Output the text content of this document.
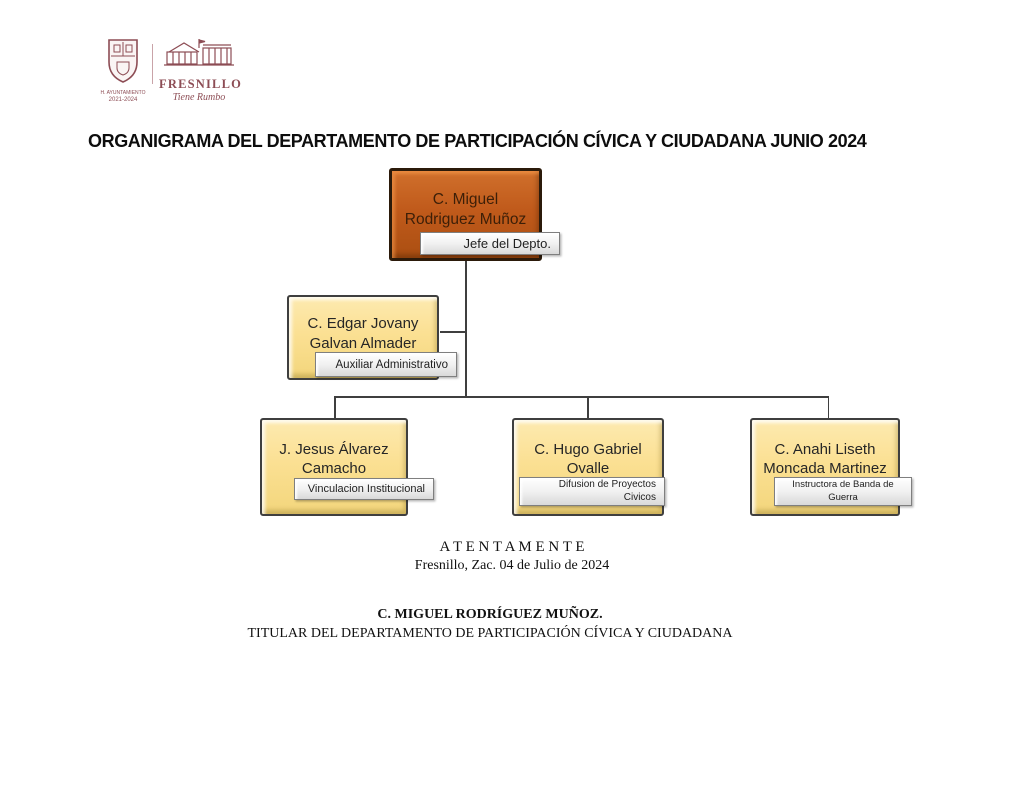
H. AYUNTAMIENTO
2021-2024
FRESNILLO
Tiene Rumbo
ORGANIGRAMA DEL DEPARTAMENTO DE PARTICIPACIÓN CÍVICA Y CIUDADANA JUNIO 2024
C. Miguel
Rodriguez Muñoz
Jefe del Depto.
C. Edgar Jovany
Galvan Almader
Auxiliar Administrativo
J. Jesus Álvarez
Camacho
Vinculacion Institucional
C. Hugo Gabriel
Ovalle
Difusion de Proyectos Civicos
C. Anahi Liseth
Moncada Martinez
Instructora de Banda de Guerra
A T E N T A M E N T E
Fresnillo, Zac. 04 de Julio de 2024
C. MIGUEL RODRÍGUEZ MUÑOZ.
TITULAR DEL DEPARTAMENTO DE PARTICIPACIÓN CÍVICA Y CIUDADANA
